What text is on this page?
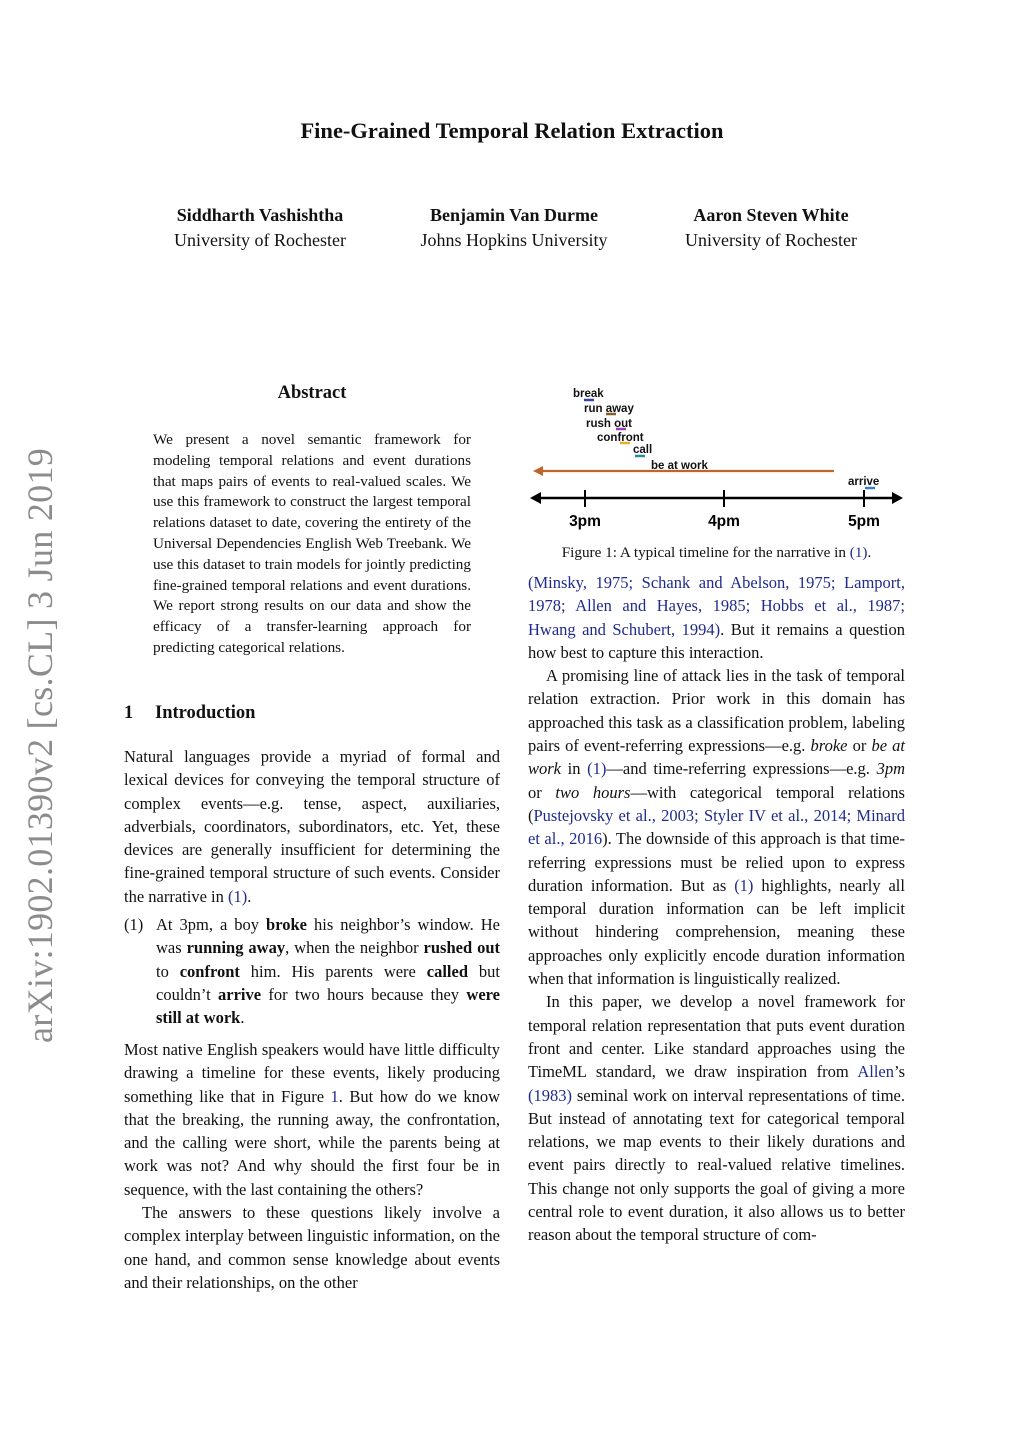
Fine-Grained Temporal Relation Extraction
Siddharth Vashishtha
University of Rochester
Benjamin Van Durme
Johns Hopkins University
Aaron Steven White
University of Rochester
arXiv:1902.01390v2 [cs.CL] 3 Jun 2019
Abstract

We present a novel semantic framework for modeling temporal relations and event durations that maps pairs of events to real-valued scales. We use this framework to construct the largest temporal relations dataset to date, covering the entirety of the Universal Dependencies English Web Treebank. We use this dataset to train models for jointly predicting fine-grained temporal relations and event durations. We report strong results on our data and show the efficacy of a transfer-learning approach for predicting categorical relations.

1 Introduction

Natural languages provide a myriad of formal and lexical devices for conveying the temporal structure of complex events—e.g. tense, aspect, auxiliaries, adverbials, coordinators, subordinators, etc. Yet, these devices are generally insufficient for determining the fine-grained temporal structure of such events. Consider the narrative in (1).

(1) At 3pm, a boy broke his neighbor’s window. He was running away, when the neighbor rushed out to confront him. His parents were called but couldn’t arrive for two hours because they were still at work.

Most native English speakers would have little difficulty drawing a timeline for these events, likely producing something like that in Figure 1. But how do we know that the breaking, the running away, the confrontation, and the calling were short, while the parents being at work was not? And why should the first four be in sequence, with the last containing the others?

The answers to these questions likely involve a complex interplay between linguistic information, on the one hand, and common sense knowledge about events and their relationships, on the other

break
run away
rush out
confront
call
be at work
arrive
3pm	4pm	5pm
Figure 1: A typical timeline for the narrative in (1).

(Minsky, 1975; Schank and Abelson, 1975; Lamport, 1978; Allen and Hayes, 1985; Hobbs et al., 1987; Hwang and Schubert, 1994). But it remains a question how best to capture this interaction.

A promising line of attack lies in the task of temporal relation extraction. Prior work in this domain has approached this task as a classification problem, labeling pairs of event-referring expressions—e.g. broke or be at work in (1)—and time-referring expressions—e.g. 3pm or two hours—with categorical temporal relations (Pustejovsky et al., 2003; Styler IV et al., 2014; Minard et al., 2016). The downside of this approach is that time-referring expressions must be relied upon to express duration information. But as (1) highlights, nearly all temporal duration information can be left implicit without hindering comprehension, meaning these approaches only explicitly encode duration information when that information is linguistically realized.

In this paper, we develop a novel framework for temporal relation representation that puts event duration front and center. Like standard approaches using the TimeML standard, we draw inspiration from Allen’s (1983) seminal work on interval representations of time. But instead of annotating text for categorical temporal relations, we map events to their likely durations and event pairs directly to real-valued relative timelines. This change not only supports the goal of giving a more central role to event duration, it also allows us to better reason about the temporal structure of com-
